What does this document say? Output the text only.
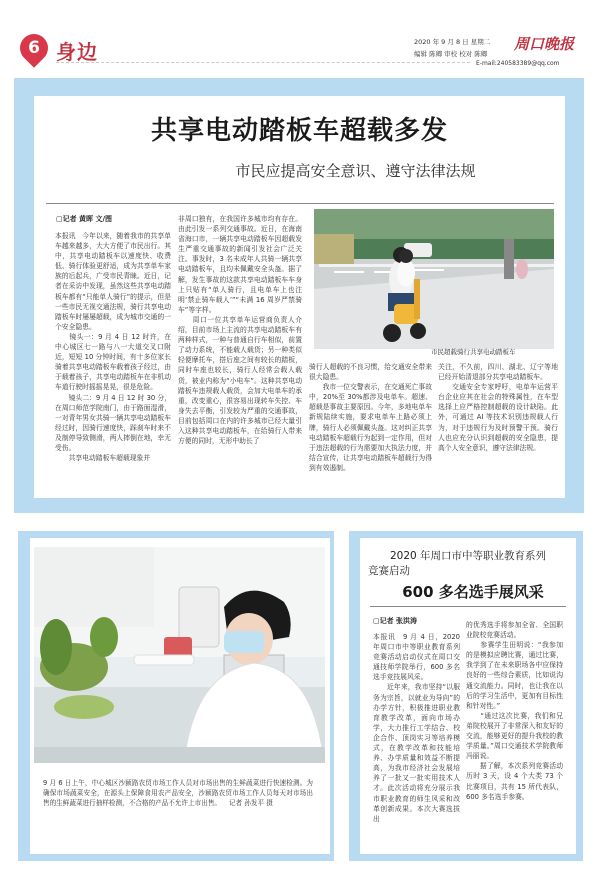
6 身边	2020 年 9 月 8 日 星期二
编辑 陈卿 审校 校对 陈卿
E-mail:240583389@qq.com
周口晚报
共享电动踏板车超载多发
市民应提高安全意识、遵守法律法规
▢记者 黄晖 文/图
本报讯　今年以来，随着我市的共享单车越来越多，大大方便了市民出行。其中，共享电动踏板车以速度快、收费低、骑行体验更舒适，成为共享单车家族的后起兵，广受市民青睐。近日，记者在采访中发现，虽然这些共享电动踏板车都有“只能单人骑行”的提示，但是一些市民无视交通法规，骑行共享电动踏板车时屡屡超载，成为城市交通的一个安全隐患。
　　镜头一：9 月 4 日 12 时许，在中心城区七一路与八一大道交叉口附近，短短 10 分钟时间，有十多位家长骑着共享电动踏板车载着孩子经过，由于载着孩子，共享电动踏板车在非机动车道行驶时摇摇晃晃，很是危险。
　　镜头二：9 月 4 日 12 时 30 分，在周口师范学院南门，由于路面湿滑，一对青年男女共骑一辆共享电动踏板车经过时，因骑行速度快，踩刹车时来不及制停导致侧滑，两人摔倒在地，幸无受伤。
　　共享电动踏板车超载现象并
非周口独有，在我国许多城市均有存在。由此引发一系列交通事故。近日，在海南省海口市，一辆共享电动踏板车因超载发生严重交通事故的新闻引发社会广泛关注。事发时，3 名未成年人共骑一辆共享电动踏板车，且均未佩戴安全头盔。据了解，发生事故的这款共享电动踏板车车身上只贴有“单人骑行，且电单车上也注明‘禁止骑车载人’”“未满 16 周岁严禁骑车”等字样。
　　周口一位共享单车运营商负责人介绍，目前市场上主流的共享电动踏板车有两种样式，一种与普通自行车相似，前置了动力系统，不能载人载货；另一种类似轻便摩托车，搭后座之间有较长的踏板，同时车座也较长，骑行人经常会载人载货，被业内称为“小电车”。这种共享电动踏板车违规载人载货，会加大电单车的承重，改变重心，很容易出现转车失控、车身失去平衡，引发较为严重的交通事故，目前包括周口在内的许多城市已经大量引入这种共享电动踏板车，在给骑行人带来方便的同时，无形中助长了
骑行人超载的不良习惯，给交通安全带来很大隐患。
　　我市一位交警表示，在交通死亡事故中，20%至 30%都涉及电单车。超速、超载是事故主要原因。今年，多地电单车新规陆续实施，要求电单车上路必须上牌，骑行人必须佩戴头盔。这对纠正共享电动踏板车超载行为起到一定作用，但对于违法超载的行为需要加大执法力度，并结合宣传，让共享电动踏板车超载行为得到有效遏制。
关注，不久前，四川、湖北、辽宁等地已经开始清退部分共享电动踏板车。
　　交通安全专家呼吁，电单车运营平台企业应其在社会的特殊属性，在车型选择上应严格控制超载的设计缺陷。此外，可通过 AI 等技术识别违规载人行为，对于违规行为及时预警干预。骑行人也应充分认识到超载的安全隐患，提高个人安全意识，遵守法律法规。
市民超载骑行共享电动踏板车
9 月 6 日上午，中心城区沙颍路农贸市场工作人员对市场出售的生鲜蔬菜进行快速检测。为确保市场蔬菜安全，在源头上保障食用农产品安全，沙颍路农贸市场工作人员每天对市场出售的生鲜蔬菜进行抽样检测，不合格的产品不允许上市出售。 记者 孙发平 摄
2020 年周口市中等职业教育系列
竞赛启动
600 多名选手展风采
▢记者 张洪涛
本报讯　9 月 4 日，2020 年周口市中等职业教育系列竞赛活动启动仪式在周口交通技师学院举行，600 多名选手竞技展风采。
　　近年来，我市坚持“以服务为宗旨，以就业为导向”的办学方针，积极推进职业教育教学改革，面向市场办学，大力推行工学结合、校企合作、顶岗实习等培养模式，在教学改革和技能培养、办学质量和效益不断提高，为我市经济社会发展培养了一批又一批实用技术人才。此次活动将充分展示我市职业教育的师生风采和改革创新成果。本次大赛选拔出
的优秀选手将参加全省、全国职业院校竞赛活动。
　　参赛学生田明说：“我参加的是模拟应聘比赛，通过比赛，我学到了在未来职场各中应保持良好的一些综合素质，比如说沟通交流能力。同时，也让我在以后的学习生活中，更加有目标性和针对性。”
　　“通过这次比赛，我们和兄弟院校展开了非常深入和友好的交流，能够更好的提升我校的教学质量。”周口交通技术学院教师冯丽说。
　　据了解，本次系列竞赛活动历时 3 天，设 4 个大类 73 个比赛项目，共有 15 所代表队，600 多名选手参赛。
